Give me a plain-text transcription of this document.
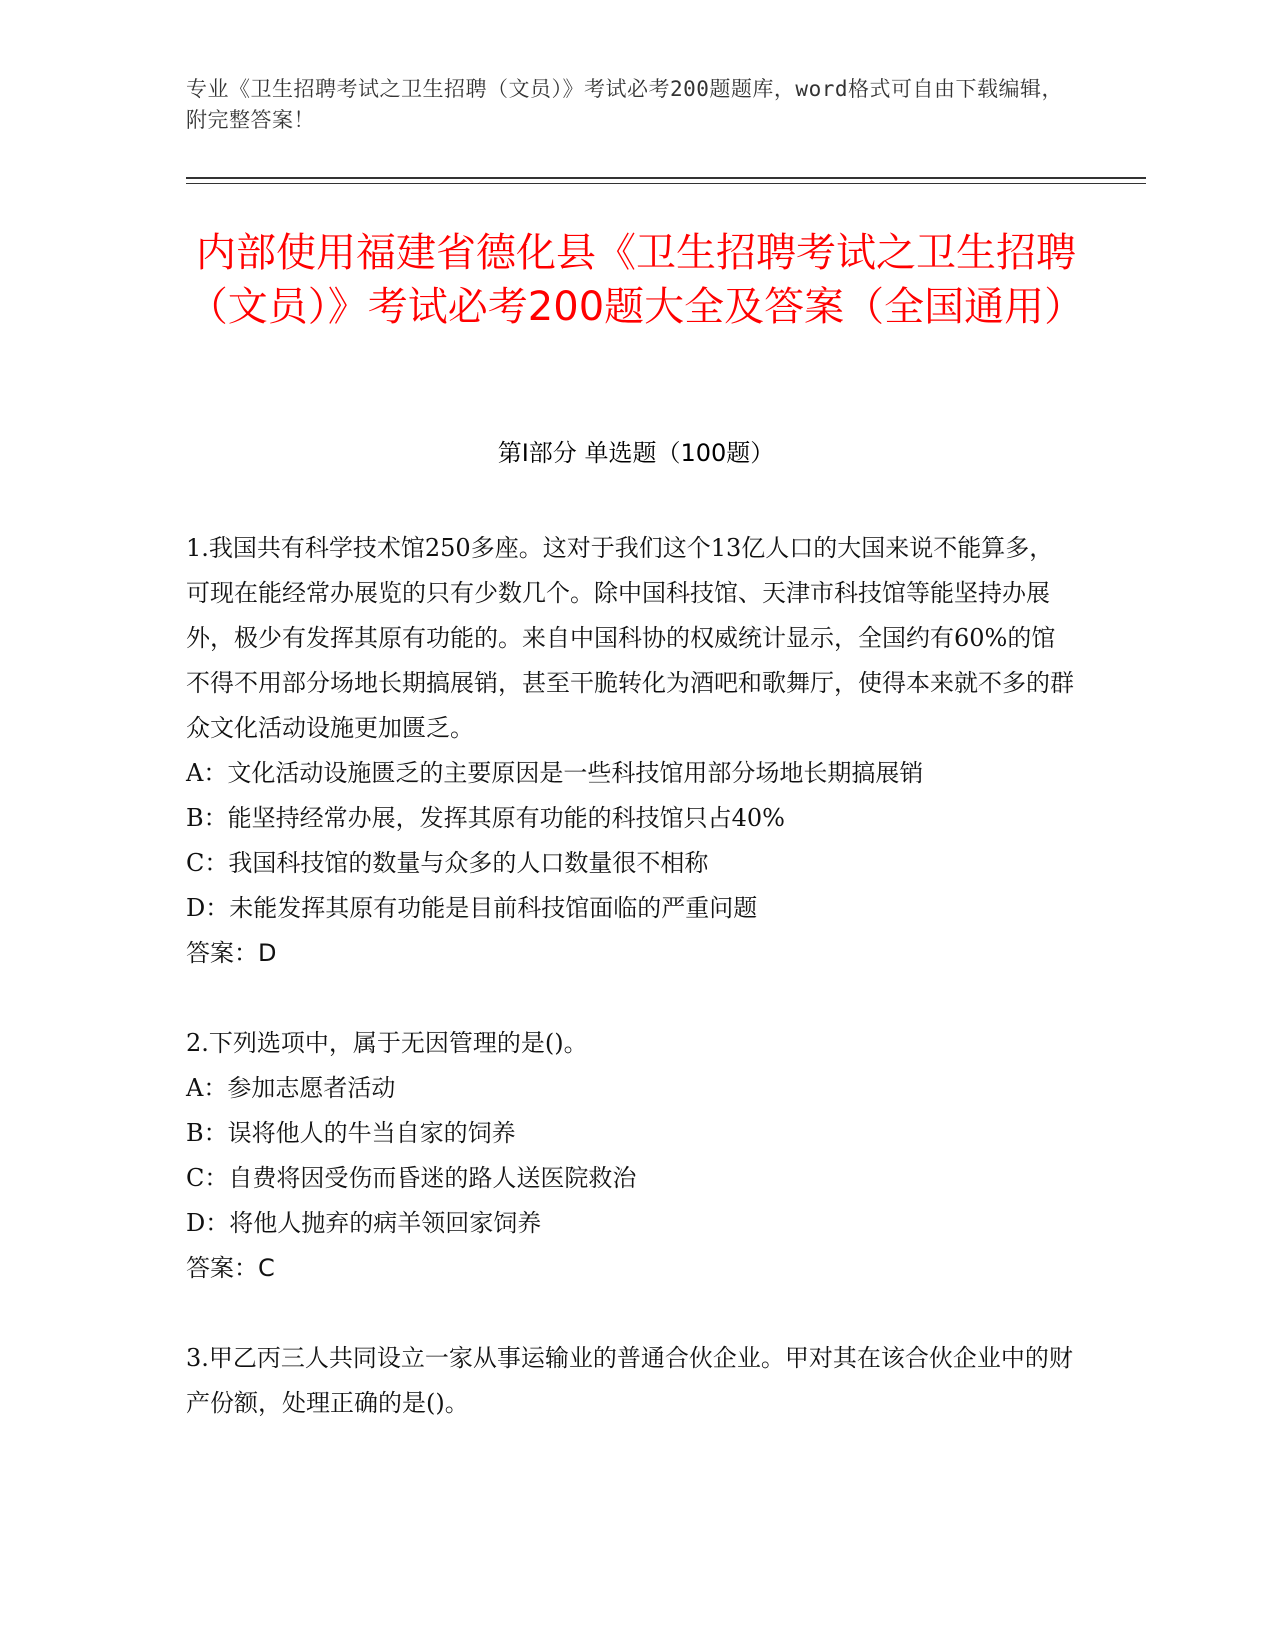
专业《卫生招聘考试之卫生招聘（文员）》考试必考200题题库，word格式可自由下载编辑，附完整答案！
内部使用福建省德化县《卫生招聘考试之卫生招聘（文员）》考试必考200题大全及答案（全国通用）
第Ⅰ部分 单选题（100题）

1.我国共有科学技术馆250多座。这对于我们这个13亿人口的大国来说不能算多，可现在能经常办展览的只有少数几个。除中国科技馆、天津市科技馆等能坚持办展外，极少有发挥其原有功能的。来自中国科协的权威统计显示，全国约有60%的馆不得不用部分场地长期搞展销，甚至干脆转化为酒吧和歌舞厅，使得本来就不多的群众文化活动设施更加匮乏。

A：文化活动设施匮乏的主要原因是一些科技馆用部分场地长期搞展销

B：能坚持经常办展，发挥其原有功能的科技馆只占40%

C：我国科技馆的数量与众多的人口数量很不相称

D：未能发挥其原有功能是目前科技馆面临的严重问题

答案：D

2.下列选项中，属于无因管理的是()。

A：参加志愿者活动

B：误将他人的牛当自家的饲养

C：自费将因受伤而昏迷的路人送医院救治

D：将他人抛弃的病羊领回家饲养

答案：C

3.甲乙丙三人共同设立一家从事运输业的普通合伙企业。甲对其在该合伙企业中的财产份额，处理正确的是()。
